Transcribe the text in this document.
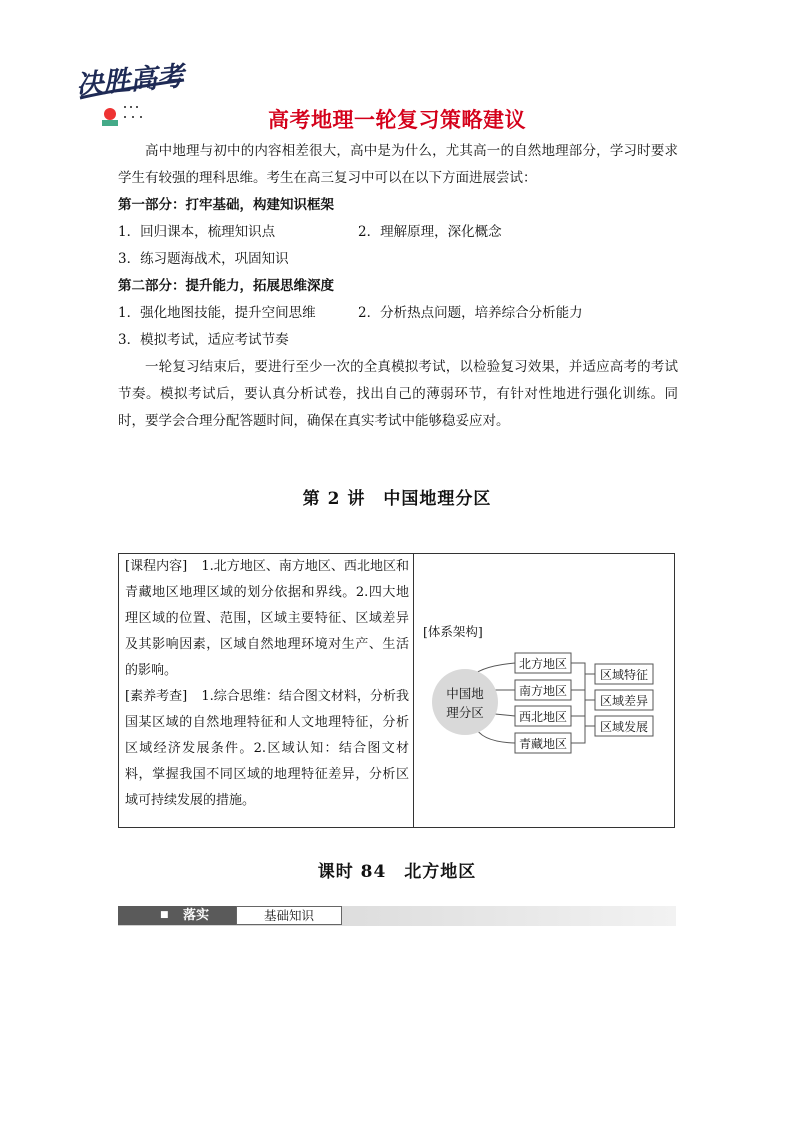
决胜高考
高考地理一轮复习策略建议
高中地理与初中的内容相差很大，高中是为什么，尤其高一的自然地理部分，学习时要求学生有较强的理科思维。考生在高三复习中可以在以下方面进展尝试：
第一部分：打牢基础，构建知识框架
1．回归课本，梳理知识点	2．理解原理，深化概念
3．练习题海战术，巩固知识
第二部分：提升能力，拓展思维深度
1．强化地图技能，提升空间思维	2．分析热点问题，培养综合分析能力
3．模拟考试，适应考试节奏
一轮复习结束后，要进行至少一次的全真模拟考试，以检验复习效果，并适应高考的考试节奏。模拟考试后，要认真分析试卷，找出自己的薄弱环节，有针对性地进行强化训练。同时，要学会合理分配答题时间，确保在真实考试中能够稳妥应对。
第 2 讲　中国地理分区
[课程内容] 1.北方地区、南方地区、西北地区和青藏地区地理区域的划分依据和界线。2.四大地理区域的位置、范围，区域主要特征、区域差异及其影响因素，区域自然地理环境对生产、生活的影响。
[素养考查] 1.综合思维：结合图文材料，分析我国某区域的自然地理特征和人文地理特征，分析区域经济发展条件。2.区域认知：结合图文材料，掌握我国不同区域的地理特征差异，分析区域可持续发展的措施。
[体系架构]
中国地
理分区
北方地区
南方地区
西北地区
青藏地区
区域特征
区域差异
区域发展
课时 84　北方地区
■ 落实	基础知识
